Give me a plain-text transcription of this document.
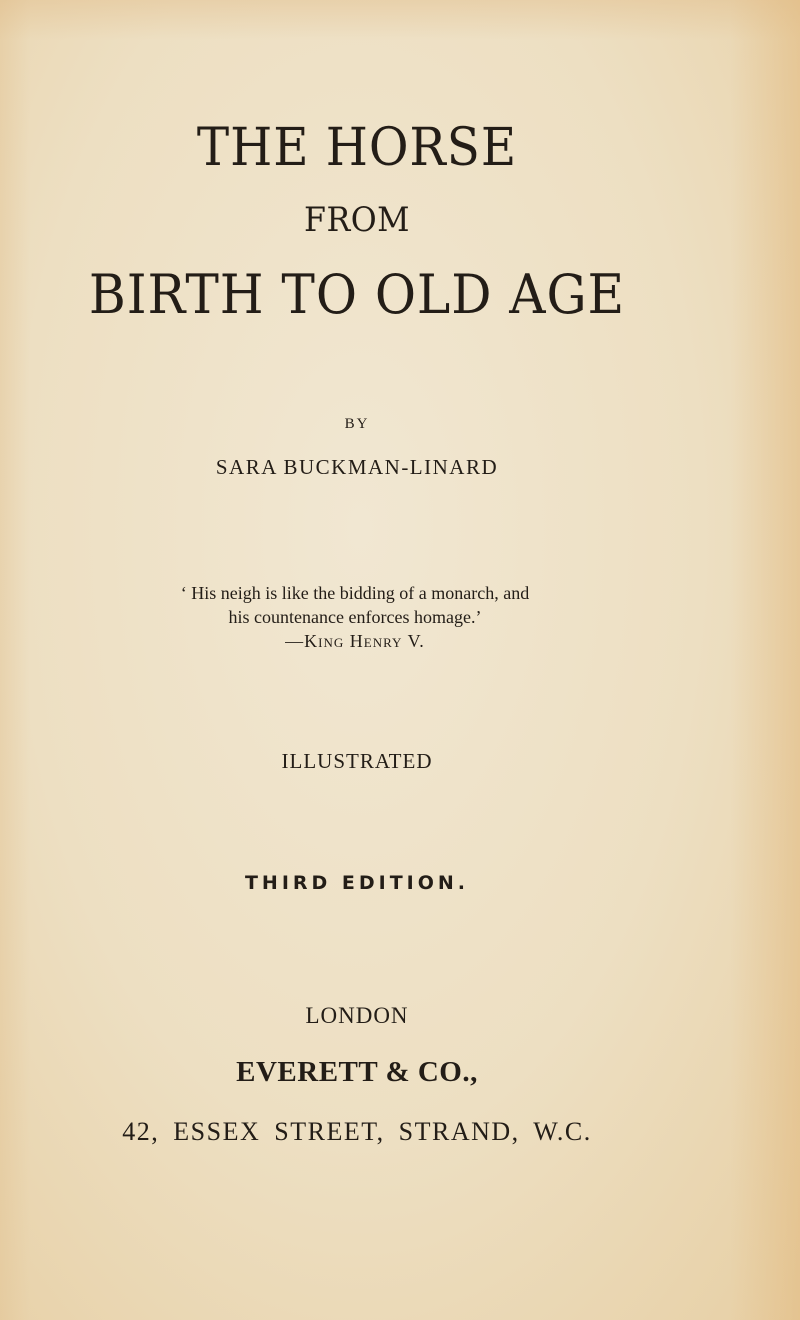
THE HORSE
FROM
BIRTH TO OLD AGE
BY
SARA BUCKMAN-LINARD
‘ His neigh is like the bidding of a monarch, and
his countenance enforces homage.’
—King Henry V.
ILLUSTRATED
THIRD EDITION.
LONDON
EVERETT & CO.,
42, ESSEX STREET, STRAND, W.C.
